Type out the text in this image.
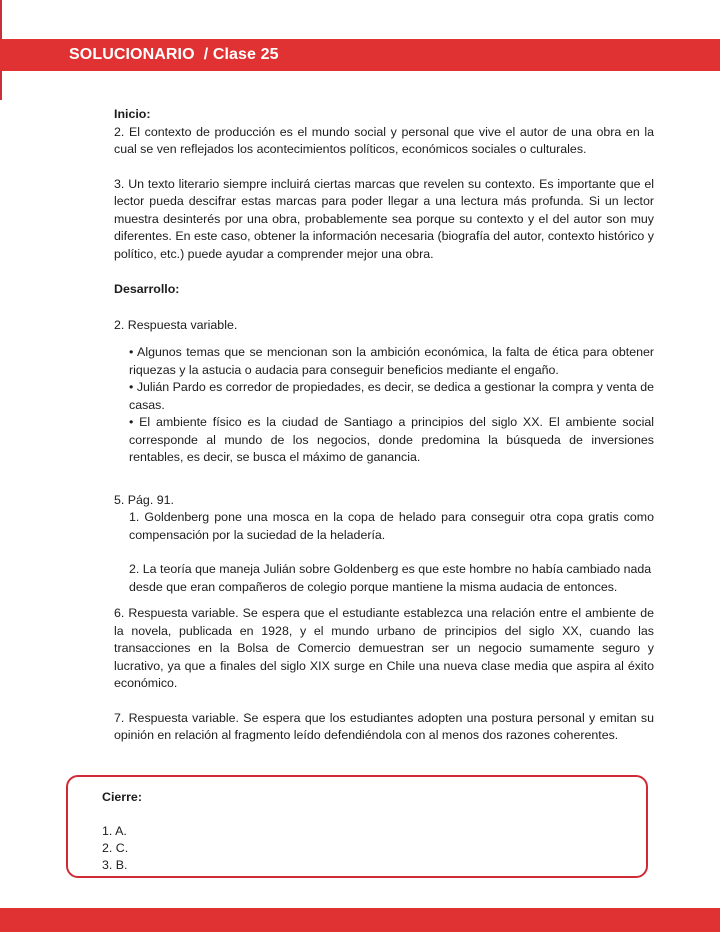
SOLUCIONARIO  / Clase 25

Inicio:

2. El contexto de producción es el mundo social y personal que vive el autor de una obra en la cual se ven reflejados los acontecimientos políticos, económicos sociales o culturales.

3. Un texto literario siempre incluirá ciertas marcas que revelen su contexto. Es importante que el lector pueda descifrar estas marcas para poder llegar a una lectura más profunda. Si un lector muestra desinterés por una obra, probablemente sea porque su contexto y el del autor son muy diferentes. En este caso, obtener la información necesaria (biografía del autor, contexto histórico y político, etc.) puede ayudar a comprender mejor una obra.

Desarrollo:

2. Respuesta variable.

• Algunos temas que se mencionan son la ambición económica, la falta de ética para obtener riquezas y la astucia o audacia para conseguir beneficios mediante el engaño.

• Julián Pardo es corredor de propiedades, es decir, se dedica a gestionar la compra y venta de casas.

• El ambiente físico es la ciudad de Santiago a principios del siglo XX. El ambiente social corresponde al mundo de los negocios, donde predomina la búsqueda de inversiones rentables, es decir, se busca el máximo de ganancia.

5. Pág. 91.

1. Goldenberg pone una mosca en la copa de helado para conseguir otra copa gratis como compensación por la suciedad de la heladería.

2. La teoría que maneja Julián sobre Goldenberg es que este hombre no había cambiado nada

desde que eran compañeros de colegio porque mantiene la misma audacia de entonces.

6. Respuesta variable. Se espera que el estudiante establezca una relación entre el ambiente de la novela, publicada en 1928, y el mundo urbano de principios del siglo XX, cuando las transacciones en la Bolsa de Comercio demuestran ser un negocio sumamente seguro y lucrativo, ya que a finales del siglo XIX surge en Chile una nueva clase media que aspira al éxito económico.

7. Respuesta variable. Se espera que los estudiantes adopten una postura personal y emitan su opinión en relación al fragmento leído defendiéndola con al menos dos razones coherentes.

Cierre:

1. A.

2. C.

3. B.
